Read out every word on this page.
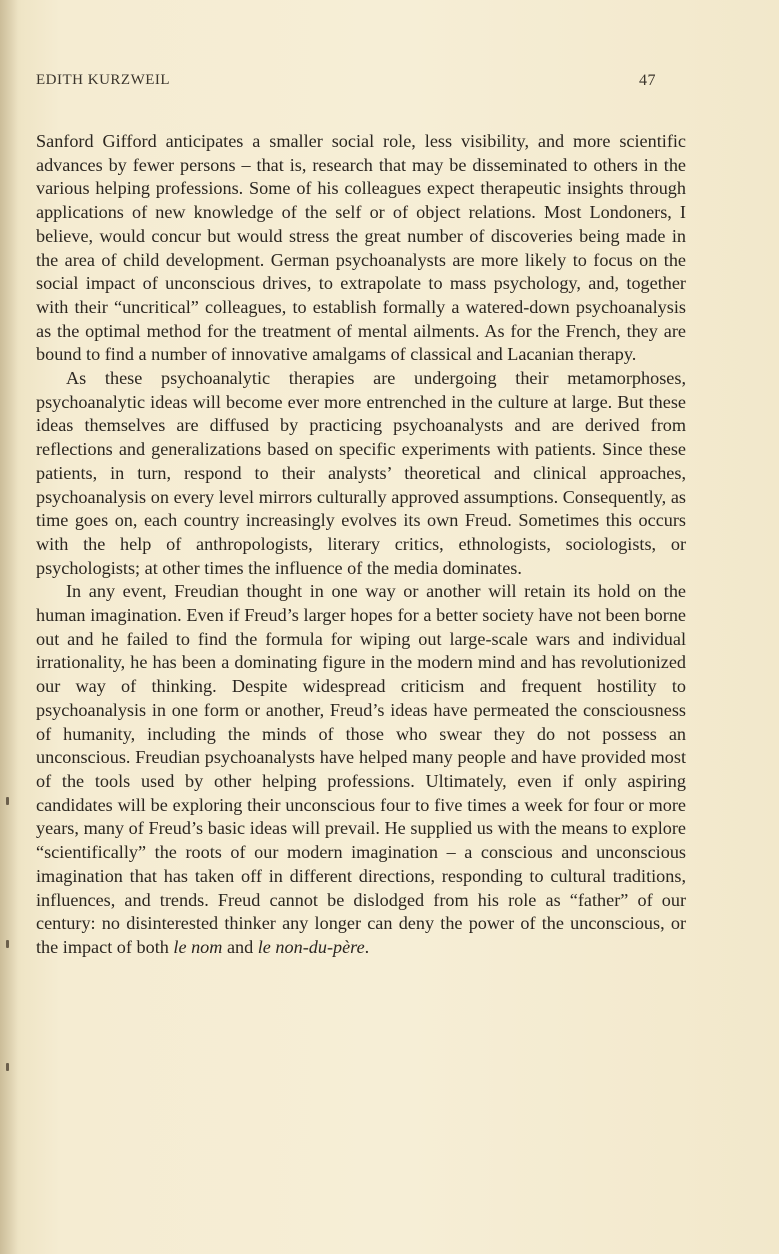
EDITH KURZWEIL	47

Sanford Gifford anticipates a smaller social role, less visibility, and more scientific advances by fewer persons – that is, research that may be disseminated to others in the various helping professions. Some of his colleagues expect therapeutic insights through applications of new knowledge of the self or of object relations. Most Londoners, I believe, would concur but would stress the great number of discoveries being made in the area of child development. German psychoanalysts are more likely to focus on the social impact of unconscious drives, to extrapolate to mass psychology, and, together with their “uncritical” colleagues, to establish formally a watered-down psychoanalysis as the optimal method for the treatment of mental ailments. As for the French, they are bound to find a number of innovative amalgams of classical and Lacanian therapy.

As these psychoanalytic therapies are undergoing their metamorphoses, psychoanalytic ideas will become ever more entrenched in the culture at large. But these ideas themselves are diffused by practicing psychoanalysts and are derived from reflections and generalizations based on specific experiments with patients. Since these patients, in turn, respond to their analysts’ theoretical and clinical approaches, psychoanalysis on every level mirrors culturally approved assumptions. Consequently, as time goes on, each country increasingly evolves its own Freud. Sometimes this occurs with the help of anthropologists, literary critics, ethnologists, sociologists, or psychologists; at other times the influence of the media dominates.

In any event, Freudian thought in one way or another will retain its hold on the human imagination. Even if Freud’s larger hopes for a better society have not been borne out and he failed to find the formula for wiping out large-scale wars and individual irrationality, he has been a dominating figure in the modern mind and has revolutionized our way of thinking. Despite widespread criticism and frequent hostility to psychoanalysis in one form or another, Freud’s ideas have permeated the consciousness of humanity, including the minds of those who swear they do not possess an unconscious. Freudian psychoanalysts have helped many people and have provided most of the tools used by other helping professions. Ultimately, even if only aspiring candidates will be exploring their unconscious four to five times a week for four or more years, many of Freud’s basic ideas will prevail. He supplied us with the means to explore “scientifically” the roots of our modern imagination – a conscious and unconscious imagination that has taken off in different directions, responding to cultural traditions, influences, and trends. Freud cannot be dislodged from his role as “father” of our century: no disinterested thinker any longer can deny the power of the unconscious, or the impact of both le nom and le non-du-père.
